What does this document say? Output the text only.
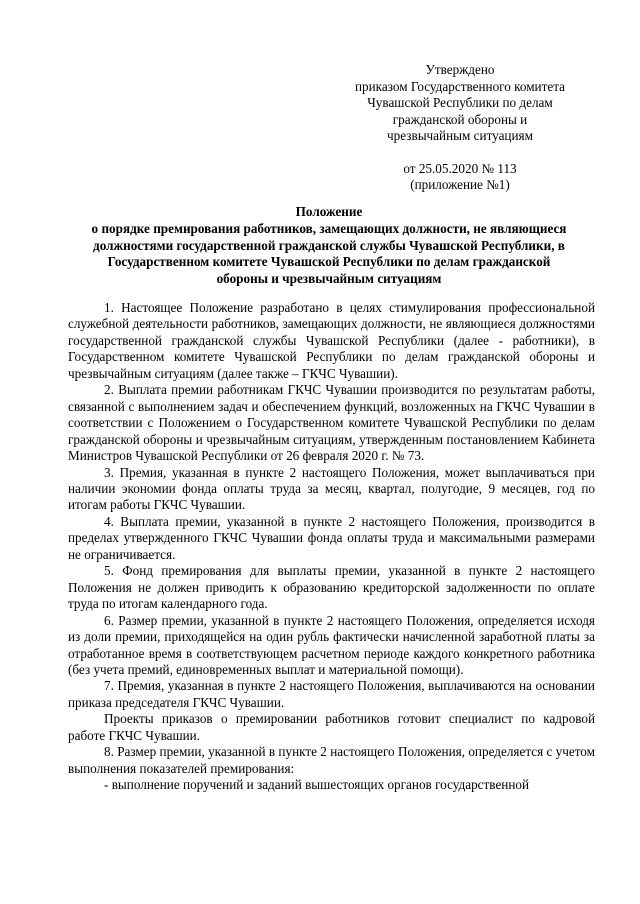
Утверждено
приказом Государственного комитета
Чувашской Республики по делам
гражданской обороны и
чрезвычайным ситуациям
от 25.05.2020 № 113
(приложение №1)
Положение
о порядке премирования работников, замещающих должности, не являющиеся
должностями государственной гражданской службы Чувашской Республики, в
Государственном комитете Чувашской Республики по делам гражданской
обороны и чрезвычайным ситуациям

1. Настоящее Положение разработано в целях стимулирования профессиональной служебной деятельности работников, замещающих должности, не являющиеся должностями государственной гражданской службы Чувашской Республики (далее - работники), в Государственном комитете Чувашской Республики по делам гражданской обороны и чрезвычайным ситуациям (далее также – ГКЧС Чувашии).

2. Выплата премии работникам ГКЧС Чувашии производится по результатам работы, связанной с выполнением задач и обеспечением функций, возложенных на ГКЧС Чувашии в соответствии с Положением о Государственном комитете Чувашской Республики по делам гражданской обороны и чрезвычайным ситуациям, утвержденным постановлением Кабинета Министров Чувашской Республики от 26 февраля 2020 г. № 73.

3. Премия, указанная в пункте 2 настоящего Положения, может выплачиваться при наличии экономии фонда оплаты труда за месяц, квартал, полугодие, 9 месяцев, год по итогам работы ГКЧС Чувашии.

4. Выплата премии, указанной в пункте 2 настоящего Положения, производится в пределах утвержденного ГКЧС Чувашии фонда оплаты труда и максимальными размерами не ограничивается.

5. Фонд премирования для выплаты премии, указанной в пункте 2 настоящего Положения не должен приводить к образованию кредиторской задолженности по оплате труда по итогам календарного года.

6. Размер премии, указанной в пункте 2 настоящего Положения, определяется исходя из доли премии, приходящейся на один рубль фактически начисленной заработной платы за отработанное время в соответствующем расчетном периоде каждого конкретного работника (без учета премий, единовременных выплат и материальной помощи).

7. Премия, указанная в пункте 2 настоящего Положения, выплачиваются на основании приказа председателя ГКЧС Чувашии.

Проекты приказов о премировании работников готовит специалист по кадровой работе ГКЧС Чувашии.

8. Размер премии, указанной в пункте 2 настоящего Положения, определяется с учетом выполнения показателей премирования:

- выполнение поручений и заданий вышестоящих органов государственной
